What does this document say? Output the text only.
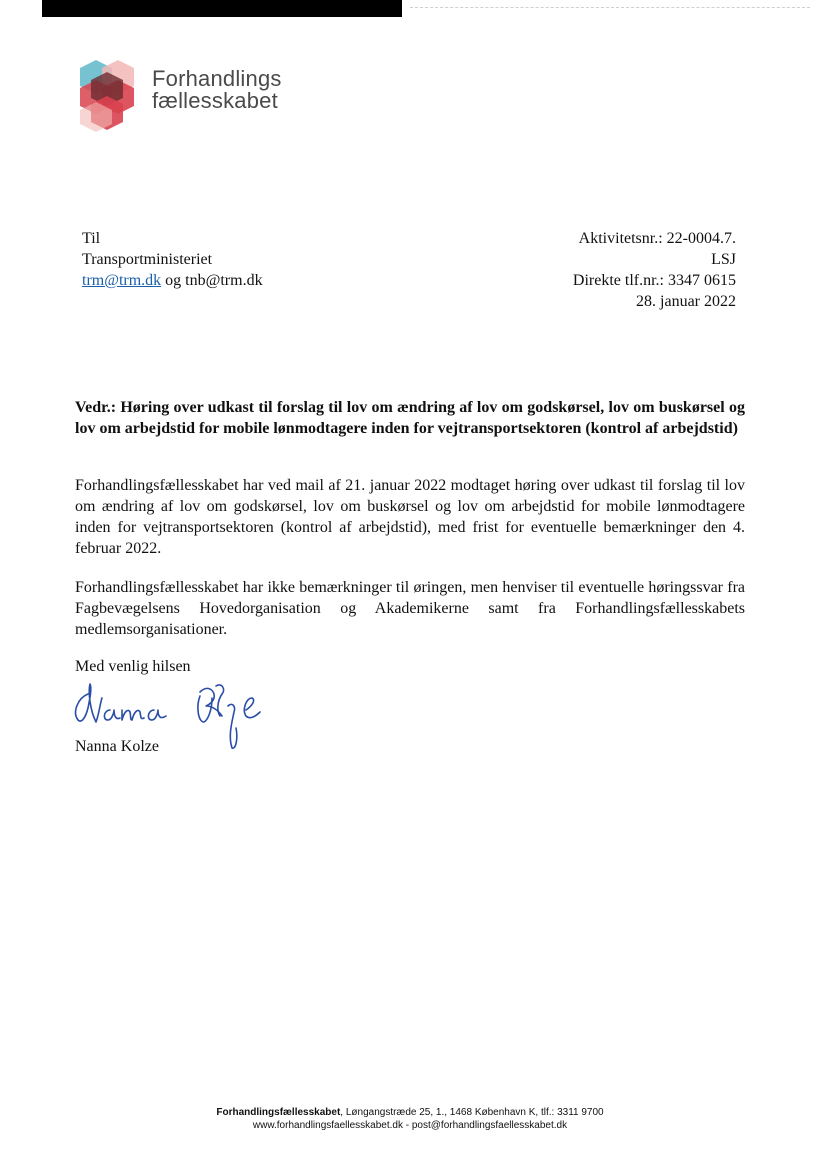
Forhandlings
fællesskabet
Til
Transportministeriet
trm@trm.dk og tnb@trm.dk
Aktivitetsnr.: 22-0004.7.
LSJ
Direkte tlf.nr.: 3347 0615
28. januar 2022
Vedr.: Høring over udkast til forslag til lov om ændring af lov om godskørsel, lov om buskørsel og lov om arbejdstid for mobile lønmodtagere inden for vejtransportsektoren (kontrol af arbejdstid)
Forhandlingsfællesskabet har ved mail af 21. januar 2022 modtaget høring over udkast til forslag til lov om ændring af lov om godskørsel, lov om buskørsel og lov om arbejdstid for mobile lønmodtagere inden for vejtransportsektoren (kontrol af arbejdstid), med frist for eventuelle bemærkninger den 4. februar 2022.
Forhandlingsfællesskabet har ikke bemærkninger til øringen, men henviser til eventuelle høringssvar fra Fagbevægelsens Hovedorganisation og Akademikerne samt fra Forhandlingsfællesskabets medlemsorganisationer.
Med venlig hilsen
Nanna Kolze
Forhandlingsfællesskabet, Løngangstræde 25, 1., 1468 København K, tlf.: 3311 9700
www.forhandlingsfaellesskabet.dk - post@forhandlingsfaellesskabet.dk
